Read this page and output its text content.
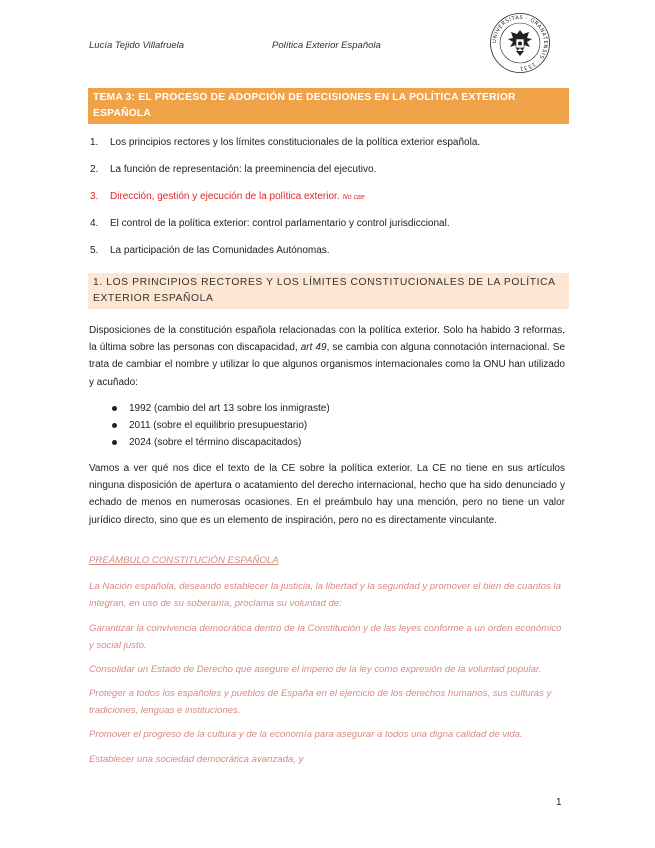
Lucía Tejido Villafruela	Política Exterior Española	UNIVERSITAS · GRANATENSIS · 1531
TEMA 3: EL PROCESO DE ADOPCIÓN DE DECISIONES EN LA POLÍTICA EXTERIOR ESPAÑOLA
1. Los principios rectores y los límites constitucionales de la política exterior española.
2. La función de representación: la preeminencia del ejecutivo.
3. Dirección, gestión y ejecución de la política exterior. No cae
4. El control de la política exterior: control parlamentario y control jurisdiccional.
5. La participación de las Comunidades Autónomas.
1. LOS PRINCIPIOS RECTORES Y LOS LÍMITES CONSTITUCIONALES DE LA POLÍTICA EXTERIOR ESPAÑOLA

Disposiciones de la constitución española relacionadas con la política exterior. Solo ha habido 3 reformas, la última sobre las personas con discapacidad, art 49, se cambia con alguna connotación internacional. Se trata de cambiar el nombre y utilizar lo que algunos organismos internacionales como la ONU han utilizado y acuñado:

1992 (cambio del art 13 sobre los inmigraste)
2011 (sobre el equilibrio presupuestario)
2024 (sobre el término discapacitados)

Vamos a ver qué nos dice el texto de la CE sobre la política exterior. La CE no tiene en sus artículos ninguna disposición de apertura o acatamiento del derecho internacional, hecho que ha sido denunciado y echado de menos en numerosas ocasiones. En el preámbulo hay una mención, pero no tiene un valor jurídico directo, sino que es un elemento de inspiración, pero no es directamente vinculante.

PREÁMBULO CONSTITUCIÓN ESPAÑOLA
La Nación española, deseando establecer la justicia, la libertad y la seguridad y promover el bien de cuantos la integran, en uso de su soberanía, proclama su voluntad de:
Garantizar la convivencia democrática dentro de la Constitución y de las leyes conforme a un orden económico y social justo.
Consolidar un Estado de Derecho que asegure el imperio de la ley como expresión de la voluntad popular.
Proteger a todos los españoles y pueblos de España en el ejercicio de los derechos humanos, sus culturas y tradiciones, lenguas e instituciones.
Promover el progreso de la cultura y de la economía para asegurar a todos una digna calidad de vida.
Establecer una sociedad democrática avanzada, y
1
